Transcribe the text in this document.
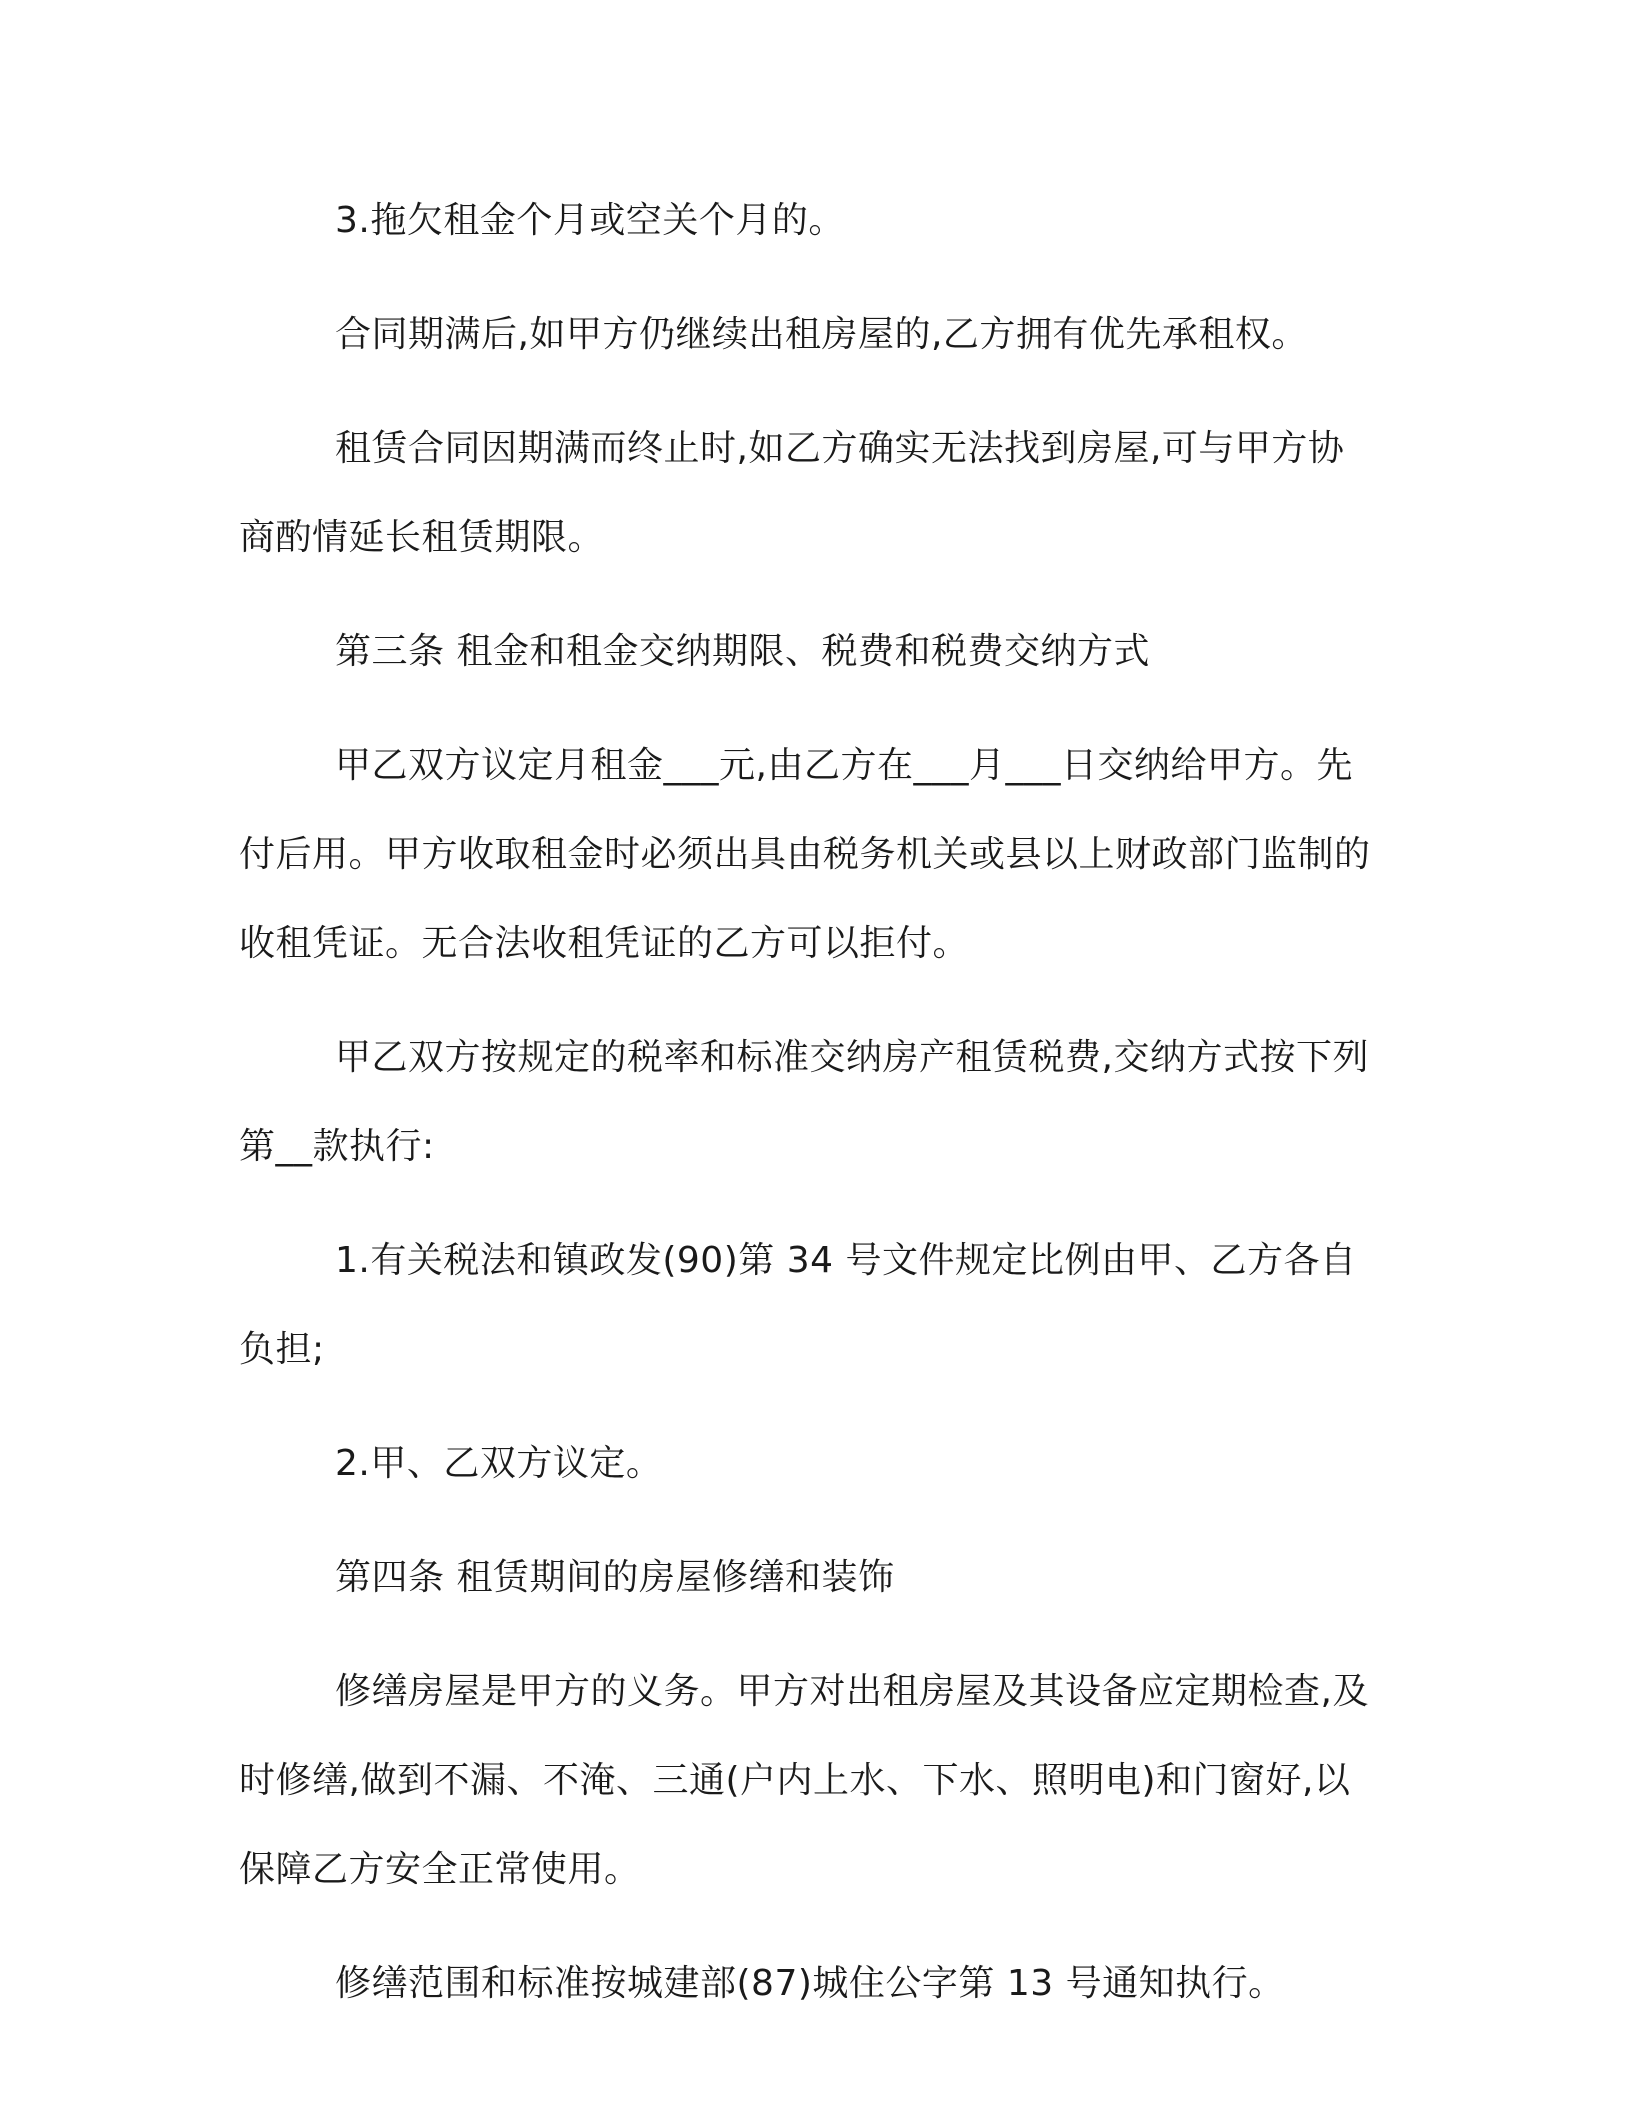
3.拖欠租金个月或空关个月的。

合同期满后,如甲方仍继续出租房屋的,乙方拥有优先承租权。

租赁合同因期满而终止时,如乙方确实无法找到房屋,可与甲方协商酌情延长租赁期限。

第三条 租金和租金交纳期限、税费和税费交纳方式

甲乙双方议定月租金___元,由乙方在___月___日交纳给甲方。先付后用。甲方收取租金时必须出具由税务机关或县以上财政部门监制的收租凭证。无合法收租凭证的乙方可以拒付。

甲乙双方按规定的税率和标准交纳房产租赁税费,交纳方式按下列第__款执行:

1.有关税法和镇政发(90)第 34 号文件规定比例由甲、乙方各自负担;

2.甲、乙双方议定。

第四条 租赁期间的房屋修缮和装饰

修缮房屋是甲方的义务。甲方对出租房屋及其设备应定期检查,及时修缮,做到不漏、不淹、三通(户内上水、下水、照明电)和门窗好,以保障乙方安全正常使用。

修缮范围和标准按城建部(87)城住公字第 13 号通知执行。
